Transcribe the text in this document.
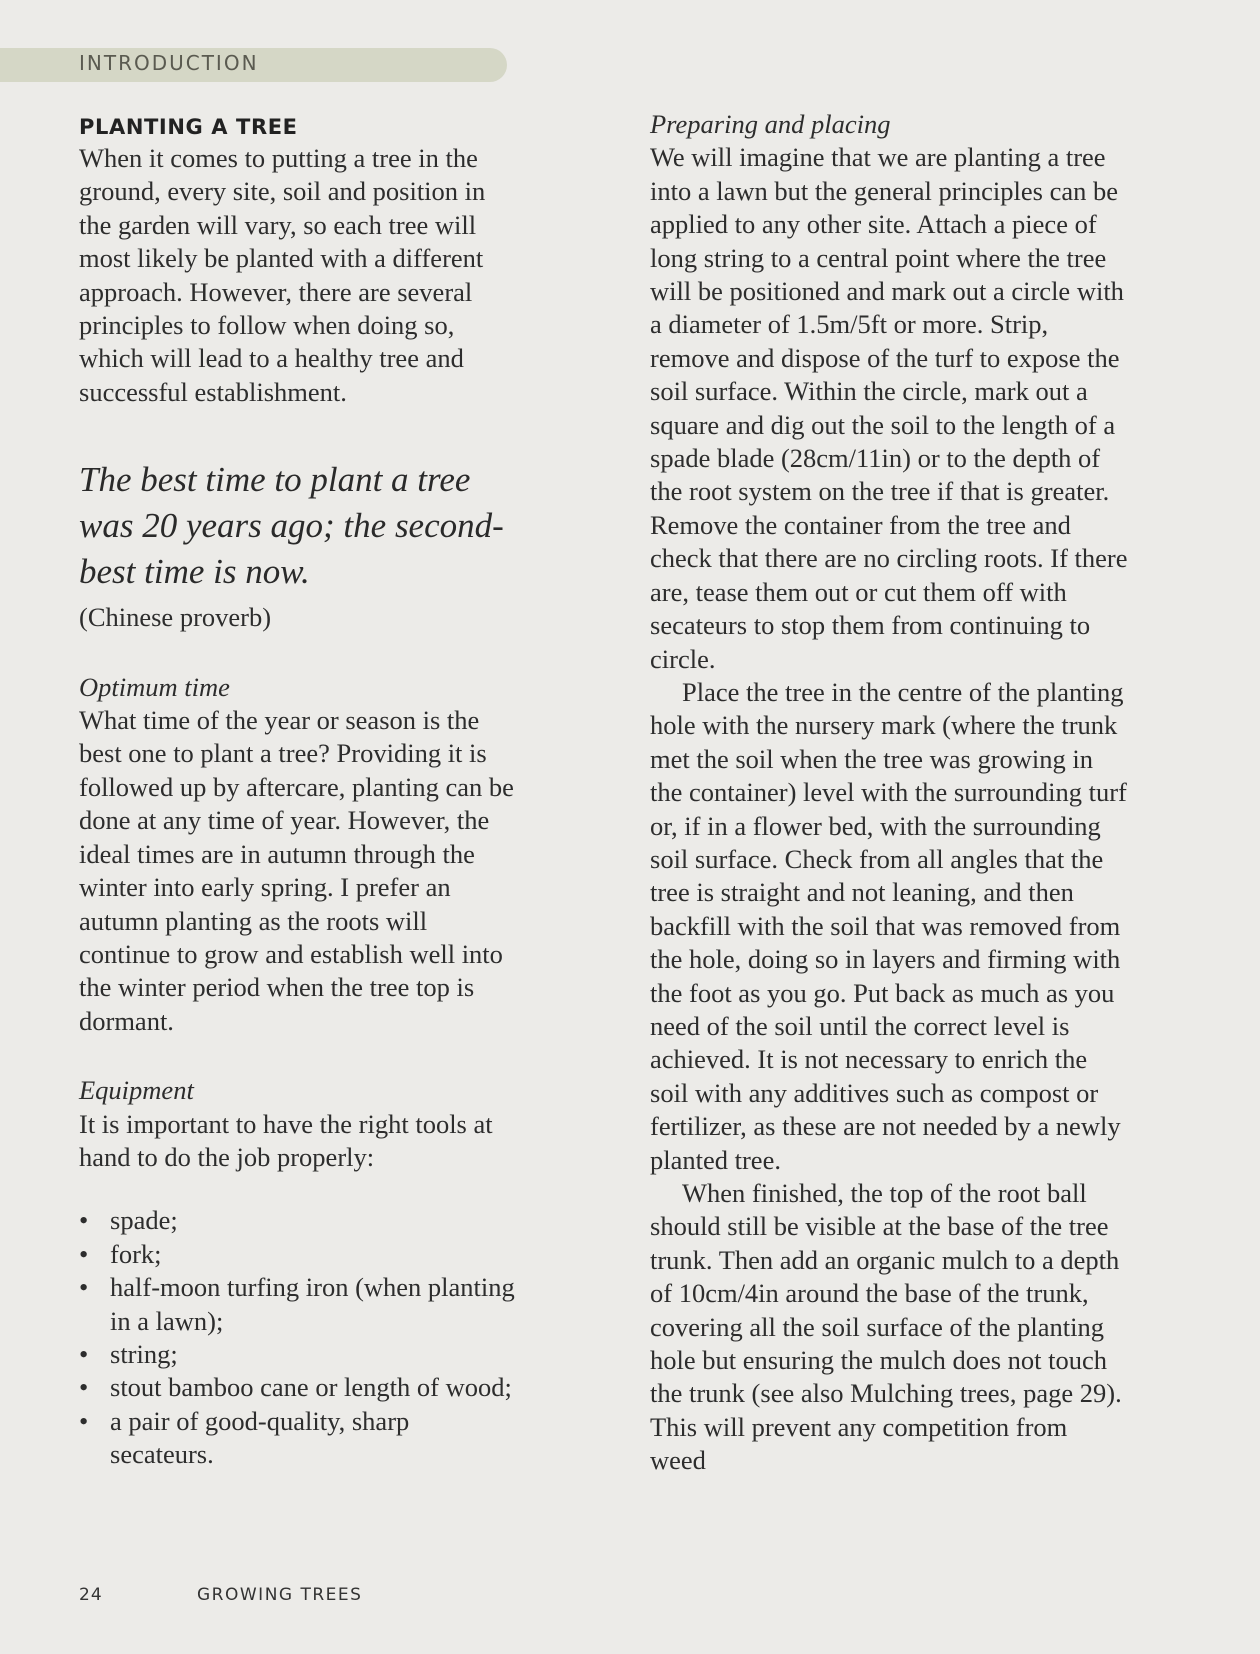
INTRODUCTION
PLANTING A TREE

When it comes to putting a tree in the ground, every site, soil and position in the garden will vary, so each tree will most likely be planted with a different approach. However, there are several principles to follow when doing so, which will lead to a healthy tree and successful establishment.

The best time to plant a tree was 20 years ago; the second-best time is now.

(Chinese proverb)

Optimum time

What time of the year or season is the best one to plant a tree? Providing it is followed up by aftercare, planting can be done at any time of year. However, the ideal times are in autumn through the winter into early spring. I prefer an autumn planting as the roots will continue to grow and establish well into the winter period when the tree top is dormant.

Equipment

It is important to have the right tools at hand to do the job properly:

• spade;
• fork;
• half-moon turfing iron (when planting in a lawn);
• string;
• stout bamboo cane or length of wood;
• a pair of good-quality, sharp secateurs.

Preparing and placing

We will imagine that we are planting a tree into a lawn but the general principles can be applied to any other site. Attach a piece of long string to a central point where the tree will be positioned and mark out a circle with a diameter of 1.5m/5ft or more. Strip, remove and dispose of the turf to expose the soil surface. Within the circle, mark out a square and dig out the soil to the length of a spade blade (28cm/11in) or to the depth of the root system on the tree if that is greater. Remove the container from the tree and check that there are no circling roots. If there are, tease them out or cut them off with secateurs to stop them from continuing to circle.

Place the tree in the centre of the planting hole with the nursery mark (where the trunk met the soil when the tree was growing in the container) level with the surrounding turf or, if in a flower bed, with the surrounding soil surface. Check from all angles that the tree is straight and not leaning, and then backfill with the soil that was removed from the hole, doing so in layers and firming with the foot as you go. Put back as much as you need of the soil until the correct level is achieved. It is not necessary to enrich the soil with any additives such as compost or fertilizer, as these are not needed by a newly planted tree.

When finished, the top of the root ball should still be visible at the base of the tree trunk. Then add an organic mulch to a depth of 10cm/4in around the base of the trunk, covering all the soil surface of the planting hole but ensuring the mulch does not touch the trunk (see also Mulching trees, page 29). This will prevent any competition from weed

24	GROWING TREES
